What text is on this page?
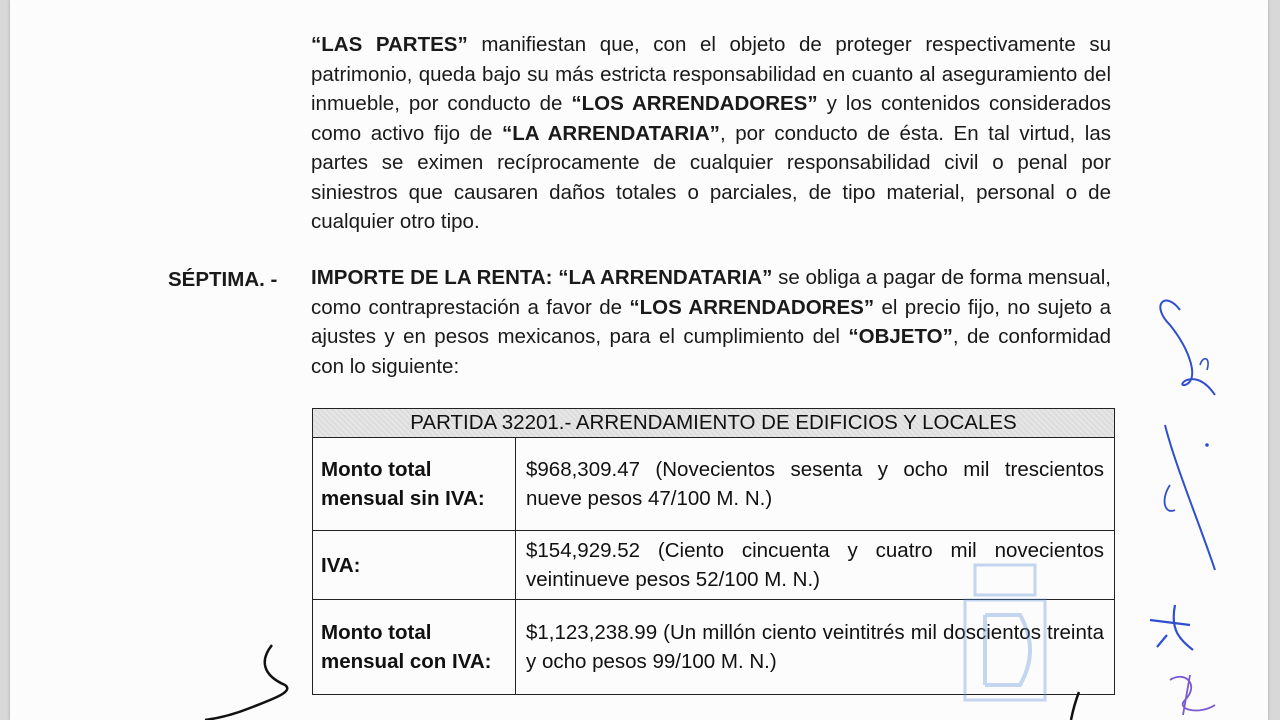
“LAS PARTES” manifiestan que, con el objeto de proteger respectivamente su patrimonio, queda bajo su más estricta responsabilidad en cuanto al aseguramiento del inmueble, por conducto de “LOS ARRENDADORES” y los contenidos considerados como activo fijo de “LA ARRENDATARIA”, por conducto de ésta. En tal virtud, las partes se eximen recíprocamente de cualquier responsabilidad civil o penal por siniestros que causaren daños totales o parciales, de tipo material, personal o de cualquier otro tipo.
SÉPTIMA. - IMPORTE DE LA RENTA: “LA ARRENDATARIA” se obliga a pagar de forma mensual, como contraprestación a favor de “LOS ARRENDADORES” el precio fijo, no sujeto a ajustes y en pesos mexicanos, para el cumplimiento del “OBJETO”, de conformidad con lo siguiente:
PARTIDA 32201.- ARRENDAMIENTO DE EDIFICIOS Y LOCALES	
Monto total mensual sin IVA:	$968,309.47 (Novecientos sesenta y ocho mil trescientos nueve pesos 47/100 M. N.)
IVA:	$154,929.52 (Ciento cincuenta y cuatro mil novecientos veintinueve pesos 52/100 M. N.)
Monto total mensual con IVA:	$1,123,238.99 (Un millón ciento veintitrés mil doscientos treinta y ocho pesos 99/100 M. N.)
